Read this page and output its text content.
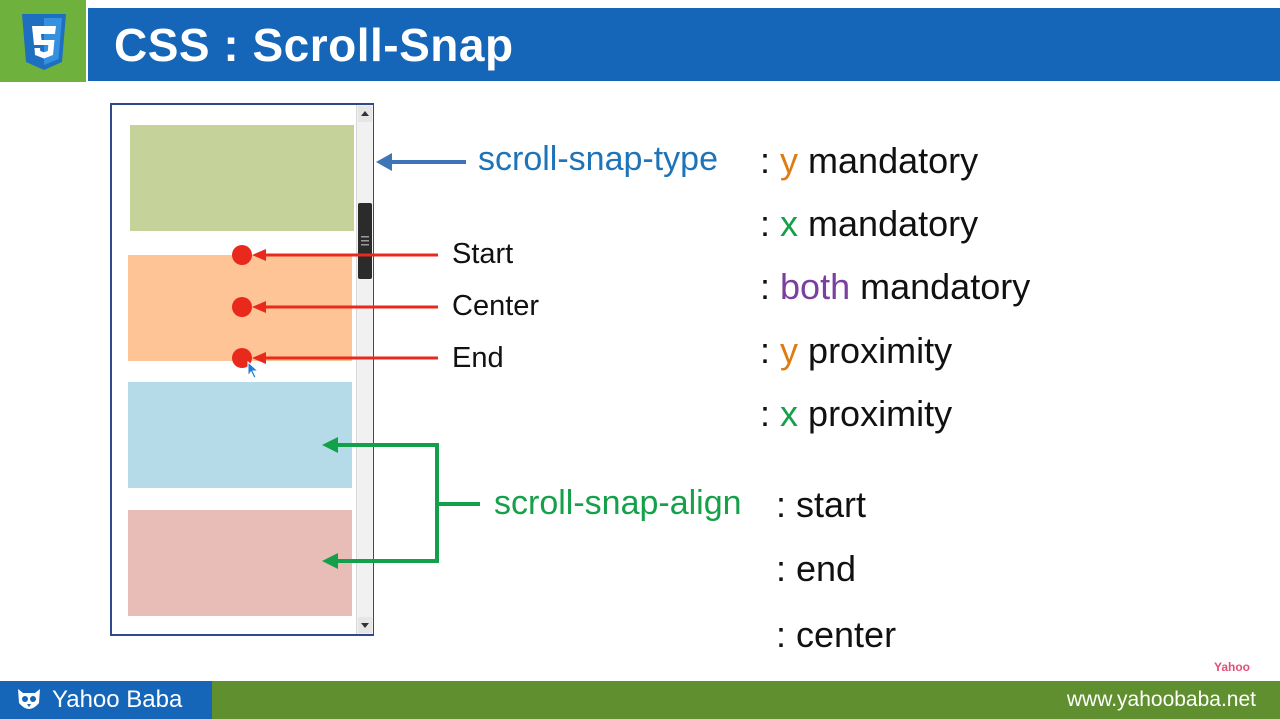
CSS : Scroll-Snap
Start
Center
End
scroll-snap-type : y mandatory
: x mandatory
: both mandatory
: y proximity
: x proximity
scroll-snap-align : start
: end
: center
Yahoo
Yahoo Baba	www.yahoobaba.net
